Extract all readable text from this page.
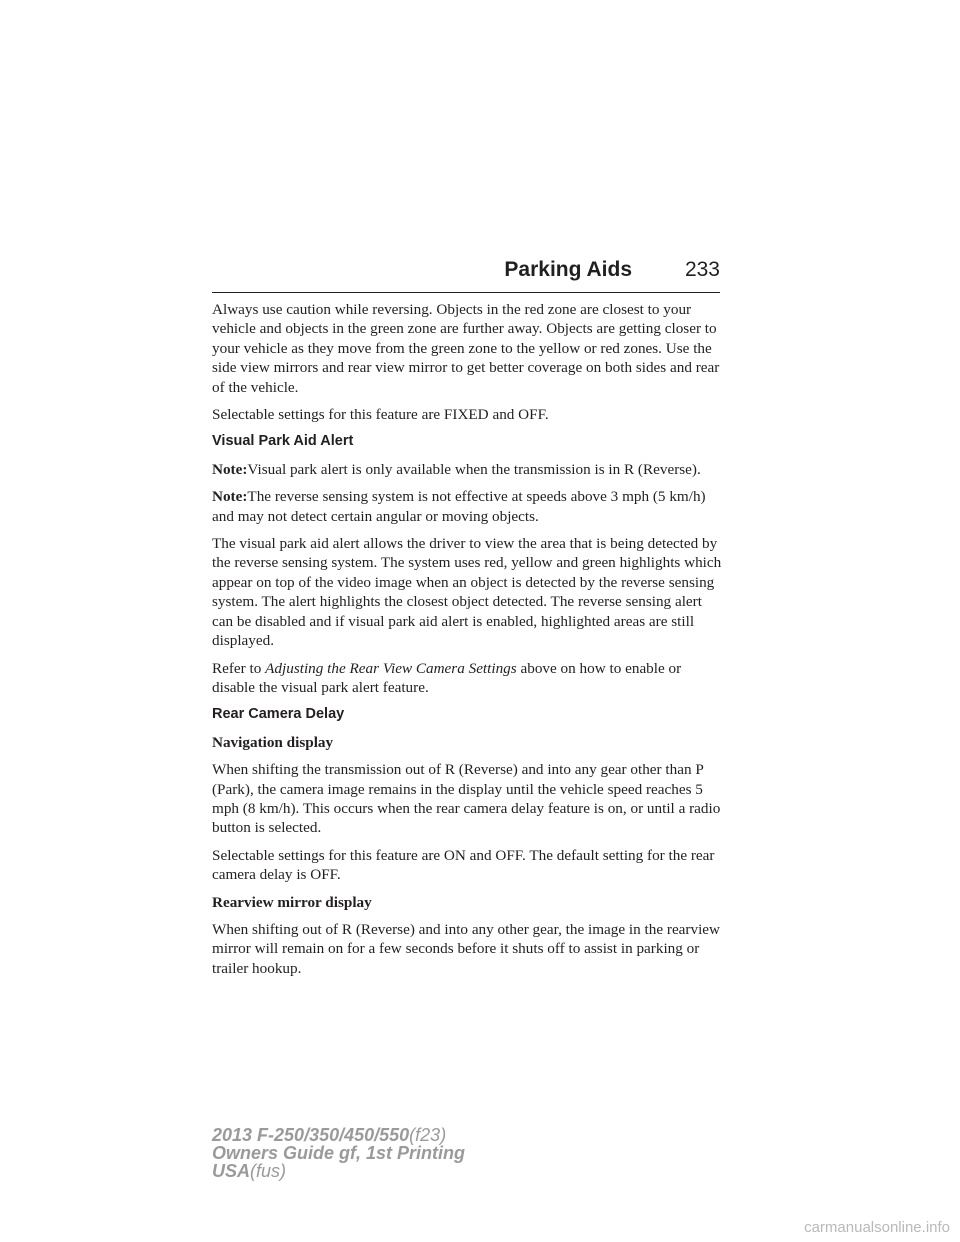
Parking Aids	233

Always use caution while reversing. Objects in the red zone are closest to your vehicle and objects in the green zone are further away. Objects are getting closer to your vehicle as they move from the green zone to the yellow or red zones. Use the side view mirrors and rear view mirror to get better coverage on both sides and rear of the vehicle.

Selectable settings for this feature are FIXED and OFF.

Visual Park Aid Alert

Note:Visual park alert is only available when the transmission is in R (Reverse).

Note:The reverse sensing system is not effective at speeds above 3 mph (5 km/h) and may not detect certain angular or moving objects.

The visual park aid alert allows the driver to view the area that is being detected by the reverse sensing system. The system uses red, yellow and green highlights which appear on top of the video image when an object is detected by the reverse sensing system. The alert highlights the closest object detected. The reverse sensing alert can be disabled and if visual park aid alert is enabled, highlighted areas are still displayed.

Refer to Adjusting the Rear View Camera Settings above on how to enable or disable the visual park alert feature.

Rear Camera Delay

Navigation display

When shifting the transmission out of R (Reverse) and into any gear other than P (Park), the camera image remains in the display until the vehicle speed reaches 5 mph (8 km/h). This occurs when the rear camera delay feature is on, or until a radio button is selected.

Selectable settings for this feature are ON and OFF. The default setting for the rear camera delay is OFF.

Rearview mirror display

When shifting out of R (Reverse) and into any other gear, the image in the rearview mirror will remain on for a few seconds before it shuts off to assist in parking or trailer hookup.

2013 F-250/350/450/550(f23)
Owners Guide gf, 1st Printing
USA(fus)
carmanualsonline.info
